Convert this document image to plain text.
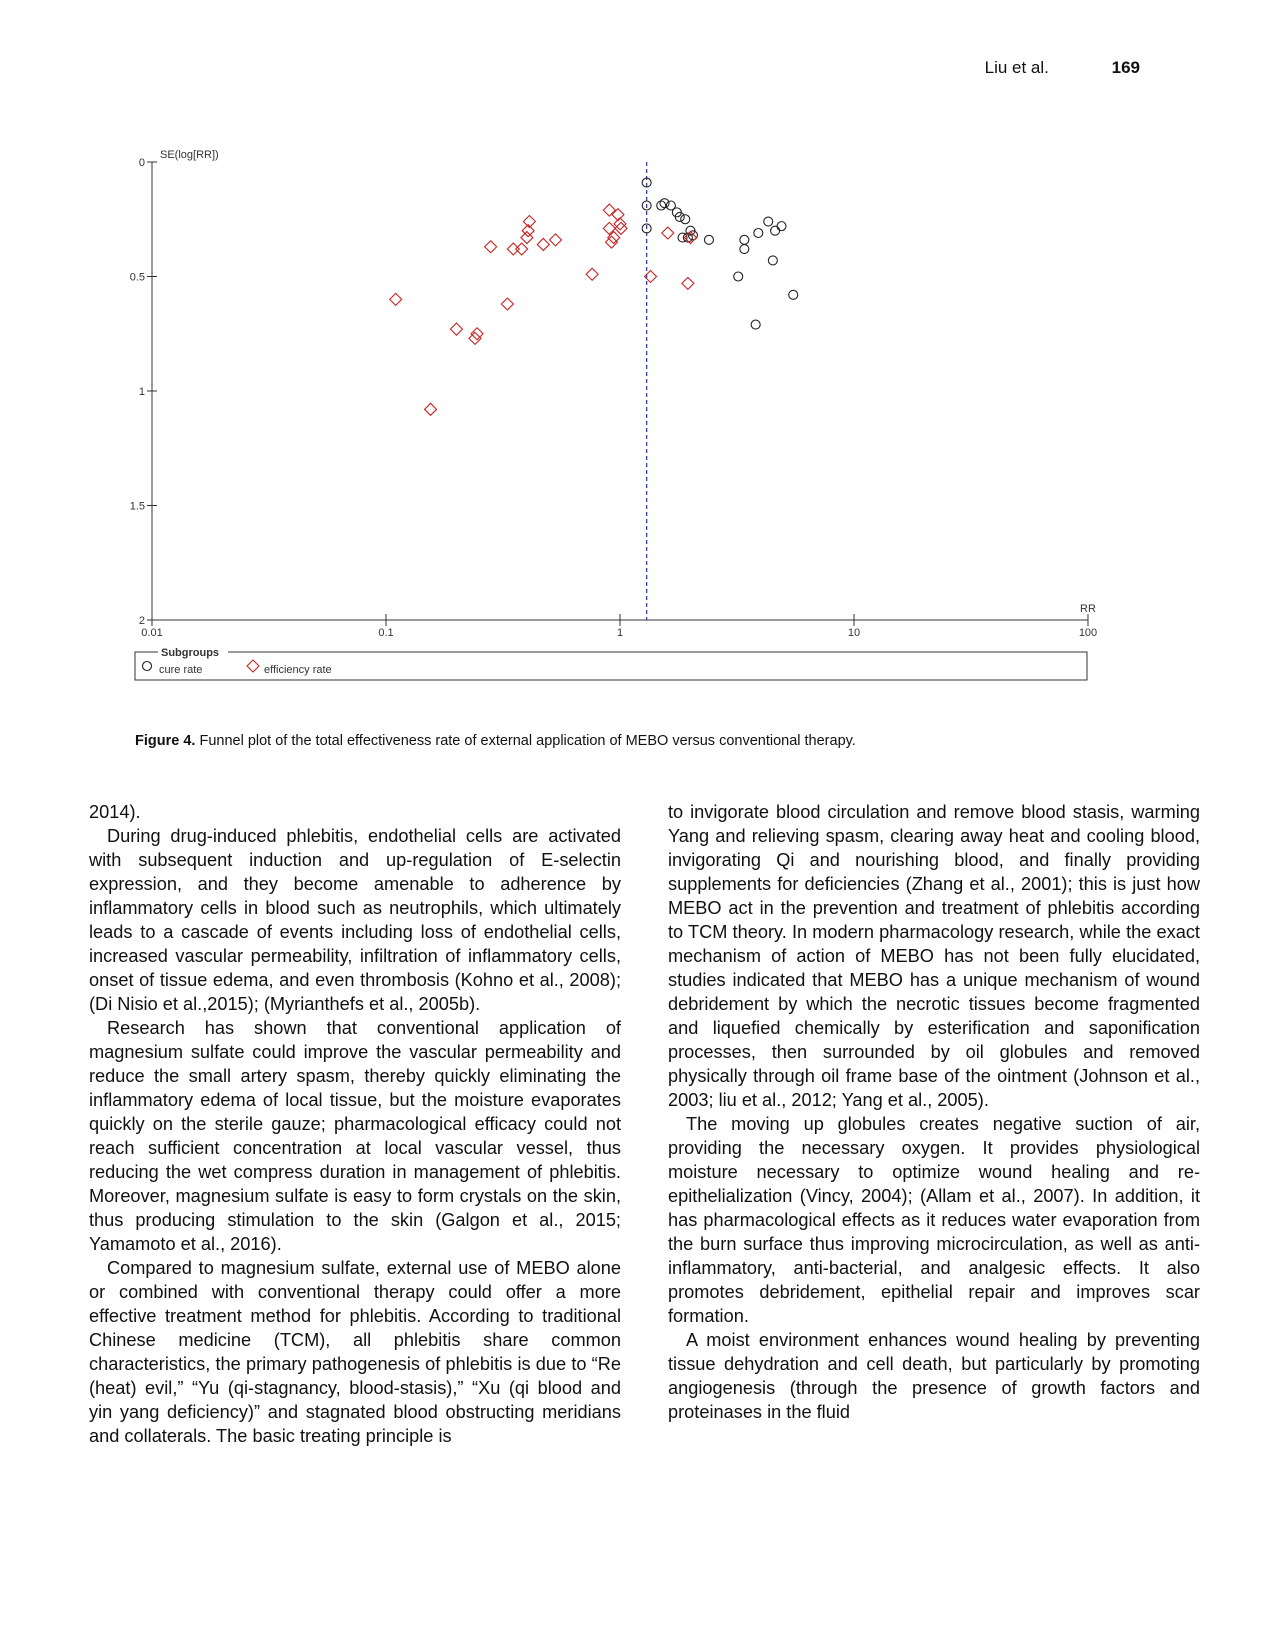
Liu et al.	169
0
0.5
1
1.5
2
SE(log[RR])
0.01	0.1	1	10	100
RR
Subgroups
cure rate	efficiency rate
Figure 4. Funnel plot of the total effectiveness rate of external application of MEBO versus conventional therapy.

2014).

During drug-induced phlebitis, endothelial cells are activated with subsequent induction and up-regulation of E-selectin expression, and they become amenable to adherence by inflammatory cells in blood such as neutrophils, which ultimately leads to a cascade of events including loss of endothelial cells, increased vascular permeability, infiltration of inflammatory cells, onset of tissue edema, and even thrombosis (Kohno et al., 2008); (Di Nisio et al.,2015); (Myrianthefs et al., 2005b).

Research has shown that conventional application of magnesium sulfate could improve the vascular permeability and reduce the small artery spasm, thereby quickly eliminating the inflammatory edema of local tissue, but the moisture evaporates quickly on the sterile gauze; pharmacological efficacy could not reach sufficient concentration at local vascular vessel, thus reducing the wet compress duration in management of phlebitis. Moreover, magnesium sulfate is easy to form crystals on the skin, thus producing stimulation to the skin (Galgon et al., 2015; Yamamoto et al., 2016).

Compared to magnesium sulfate, external use of MEBO alone or combined with conventional therapy could offer a more effective treatment method for phlebitis. According to traditional Chinese medicine (TCM), all phlebitis share common characteristics, the primary pathogenesis of phlebitis is due to “Re (heat) evil,” “Yu (qi-stagnancy, blood-stasis),” “Xu (qi blood and yin yang deficiency)” and stagnated blood obstructing meridians and collaterals. The basic treating principle is

to invigorate blood circulation and remove blood stasis, warming Yang and relieving spasm, clearing away heat and cooling blood, invigorating Qi and nourishing blood, and finally providing supplements for deficiencies (Zhang et al., 2001); this is just how MEBO act in the prevention and treatment of phlebitis according to TCM theory. In modern pharmacology research, while the exact mechanism of action of MEBO has not been fully elucidated, studies indicated that MEBO has a unique mechanism of wound debridement by which the necrotic tissues become fragmented and liquefied chemically by esterification and saponification processes, then surrounded by oil globules and removed physically through oil frame base of the ointment (Johnson et al., 2003; liu et al., 2012; Yang et al., 2005).

The moving up globules creates negative suction of air, providing the necessary oxygen. It provides physiological moisture necessary to optimize wound healing and re-epithelialization (Vincy, 2004); (Allam et al., 2007). In addition, it has pharmacological effects as it reduces water evaporation from the burn surface thus improving microcirculation, as well as anti-inflammatory, anti-bacterial, and analgesic effects. It also promotes debridement, epithelial repair and improves scar formation.

A moist environment enhances wound healing by preventing tissue dehydration and cell death, but particularly by promoting angiogenesis (through the presence of growth factors and proteinases in the fluid
